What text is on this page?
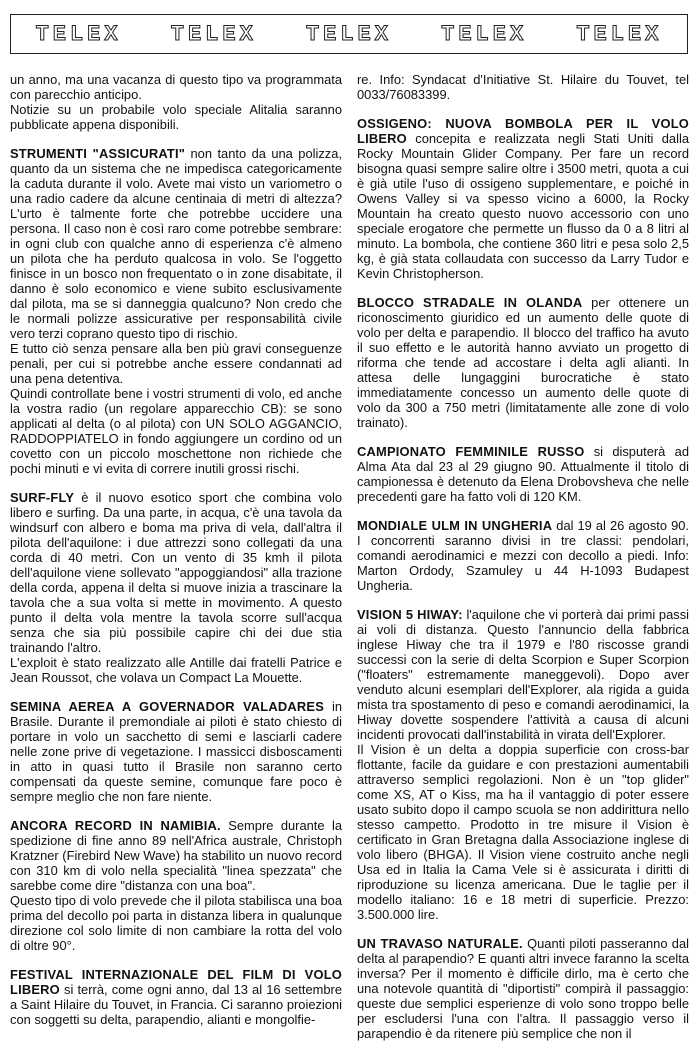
TELEX TELEX TELEX TELEX TELEX

un anno, ma una vacanza di questo tipo va programmata con parecchio anticipo.

Notizie su un probabile volo speciale Alitalia saranno pubblicate appena disponibili.

STRUMENTI "ASSICURATI" non tanto da una polizza, quanto da un sistema che ne impedisca categoricamente la caduta durante il volo. Avete mai visto un variometro o una radio cadere da alcune centinaia di metri di altezza? L'urto è talmente forte che potrebbe uccidere una persona. Il caso non è così raro come potrebbe sembrare: in ogni club con qualche anno di esperienza c'è almeno un pilota che ha perduto qualcosa in volo. Se l'oggetto finisce in un bosco non frequentato o in zone disabitate, il danno è solo economico e viene subito esclusivamente dal pilota, ma se si danneggia qualcuno? Non credo che le normali polizze assicurative per responsabilità civile vero terzi coprano questo tipo di rischio.

E tutto ciò senza pensare alla ben più gravi conseguenze penali, per cui si potrebbe anche essere condannati ad una pena detentiva.

Quindi controllate bene i vostri strumenti di volo, ed anche la vostra radio (un regolare apparecchio CB): se sono applicati al delta (o al pilota) con UN SOLO AGGANCIO, RADDOPPIATELO in fondo aggiungere un cordino od un covetto con un piccolo moschettone non richiede che pochi minuti e vi evita di correre inutili grossi rischi.

SURF-FLY è il nuovo esotico sport che combina volo libero e surfing. Da una parte, in acqua, c'è una tavola da windsurf con albero e boma ma priva di vela, dall'altra il pilota dell'aquilone: i due attrezzi sono collegati da una corda di 40 metri. Con un vento di 35 kmh il pilota dell'aquilone viene sollevato "appoggiandosi" alla trazione della corda, appena il delta si muove inizia a trascinare la tavola che a sua volta si mette in movimento. A questo punto il delta vola mentre la tavola scorre sull'acqua senza che sia più possibile capire chi dei due stia trainando l'altro.

L'exploit è stato realizzato alle Antille dai fratelli Patrice e Jean Roussot, che volava un Compact La Mouette.

SEMINA AEREA A GOVERNADOR VALADARES in Brasile. Durante il premondiale ai piloti è stato chiesto di portare in volo un sacchetto di semi e lasciarli cadere nelle zone prive di vegetazione. I massicci disboscamenti in atto in quasi tutto il Brasile non saranno certo compensati da queste semine, comunque fare poco è sempre meglio che non fare niente.

ANCORA RECORD IN NAMIBIA. Sempre durante la spedizione di fine anno 89 nell'Africa australe, Christoph Kratzner (Firebird New Wave) ha stabilito un nuovo record con 310 km di volo nella specialità "linea spezzata" che sarebbe come dire "distanza con una boa".

Questo tipo di volo prevede che il pilota stabilisca una boa prima del decollo poi parta in distanza libera in qualunque direzione col solo limite di non cambiare la rotta del volo di oltre 90°.

FESTIVAL INTERNAZIONALE DEL FILM DI VOLO LIBERO si terrà, come ogni anno, dal 13 al 16 settembre a Saint Hilaire du Touvet, in Francia. Ci saranno proiezioni con soggetti su delta, parapendio, alianti e mongolfie-

re. Info: Syndacat d'Initiative St. Hilaire du Touvet, tel 0033/76083399.

OSSIGENO: NUOVA BOMBOLA PER IL VOLO LIBERO concepita e realizzata negli Stati Uniti dalla Rocky Mountain Glider Company. Per fare un record bisogna quasi sempre salire oltre i 3500 metri, quota a cui è già utile l'uso di ossigeno supplementare, e poiché in Owens Valley si va spesso vicino a 6000, la Rocky Mountain ha creato questo nuovo accessorio con uno speciale erogatore che permette un flusso da 0 a 8 litri al minuto. La bombola, che contiene 360 litri e pesa solo 2,5 kg, è già stata collaudata con successo da Larry Tudor e Kevin Christopherson.

BLOCCO STRADALE IN OLANDA per ottenere un riconoscimento giuridico ed un aumento delle quote di volo per delta e parapendio. Il blocco del traffico ha avuto il suo effetto e le autorità hanno avviato un progetto di riforma che tende ad accostare i delta agli alianti. In attesa delle lungaggini burocratiche è stato immediatamente concesso un aumento delle quote di volo da 300 a 750 metri (limitatamente alle zone di volo trainato).

CAMPIONATO FEMMINILE RUSSO si disputerà ad Alma Ata dal 23 al 29 giugno 90. Attualmente il titolo di campionessa è detenuto da Elena Drobovsheva che nelle precedenti gare ha fatto voli di 120 KM.

MONDIALE ULM IN UNGHERIA dal 19 al 26 agosto 90. I concorrenti saranno divisi in tre classi: pendolari, comandi aerodinamici e mezzi con decollo a piedi. Info: Marton Ordody, Szamuley u 44 H-1093 Budapest Ungheria.

VISION 5 HIWAY: l'aquilone che vi porterà dai primi passi ai voli di distanza. Questo l'annuncio della fabbrica inglese Hiway che tra il 1979 e l'80 riscosse grandi successi con la serie di delta Scorpion e Super Scorpion ("floaters" estremamente maneggevoli). Dopo aver venduto alcuni esemplari dell'Explorer, ala rigida a guida mista tra spostamento di peso e comandi aerodinamici, la Hiway dovette sospendere l'attività a causa di alcuni incidenti provocati dall'instabilità in virata dell'Explorer.

Il Vision è un delta a doppia superficie con cross-bar flottante, facile da guidare e con prestazioni aumentabili attraverso semplici regolazioni. Non è un "top glider" come XS, AT o Kiss, ma ha il vantaggio di poter essere usato subito dopo il campo scuola se non addirittura nello stesso campetto. Prodotto in tre misure il Vision è certificato in Gran Bretagna dalla Associazione inglese di volo libero (BHGA). Il Vision viene costruito anche negli Usa ed in Italia la Cama Vele si è assicurata i diritti di riproduzione su licenza americana. Due le taglie per il modello italiano: 16 e 18 metri di superficie. Prezzo: 3.500.000 lire.

UN TRAVASO NATURALE. Quanti piloti passeranno dal delta al parapendio? E quanti altri invece faranno la scelta inversa? Per il momento è difficile dirlo, ma è certo che una notevole quantità di "diportisti" compirà il passaggio: queste due semplici esperienze di volo sono troppo belle per escludersi l'una con l'altra. Il passaggio verso il parapendio è da ritenere più semplice che non il
